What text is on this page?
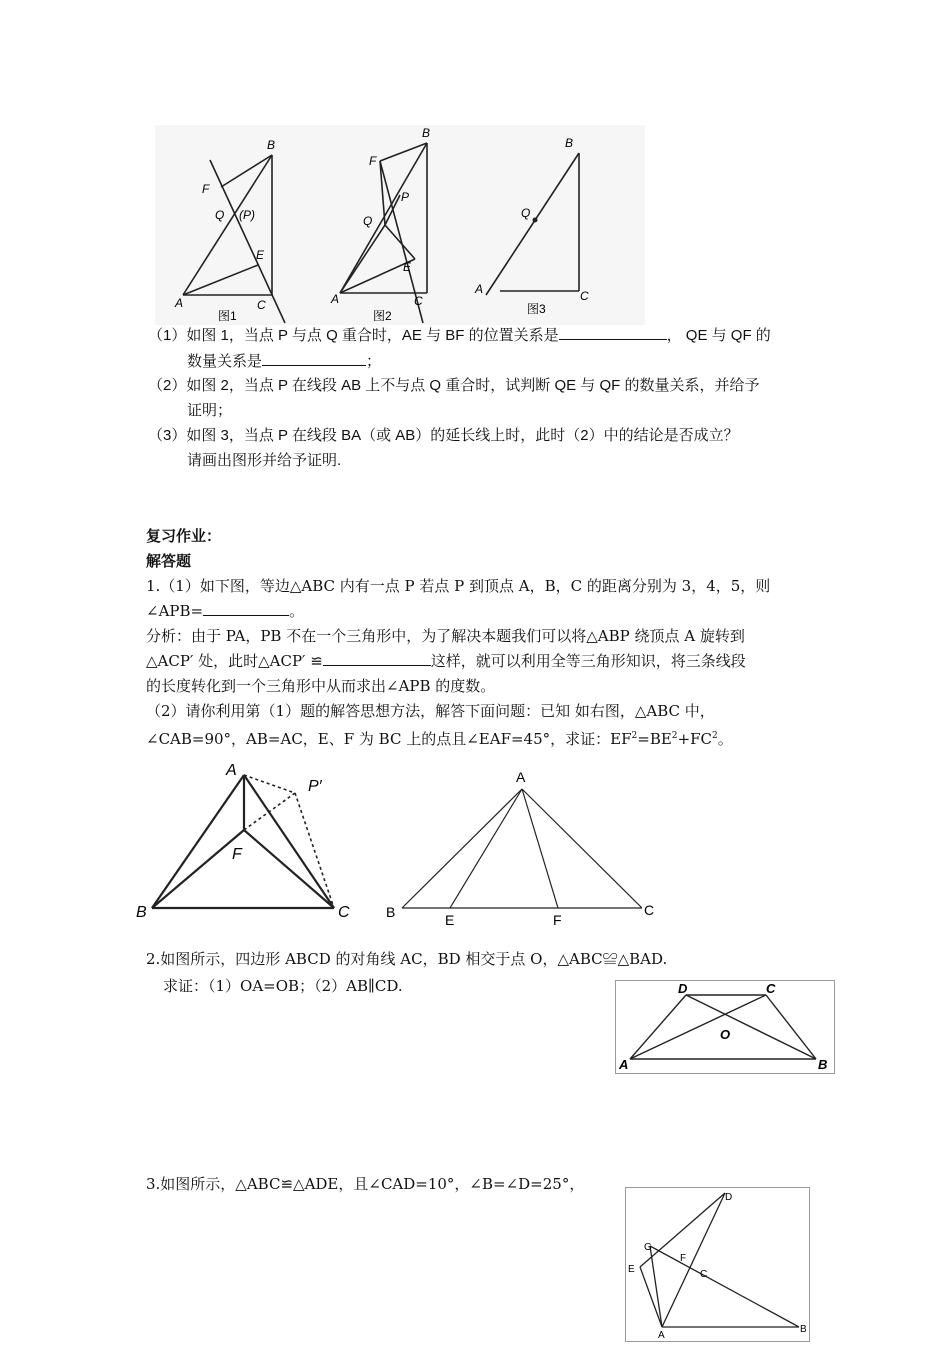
B
F
Q (P)
E
A	C
图1
B
F
P
Q
E
A	C
图2
B
Q
A	C
图3
（1）如图 1，当点 P 与点 Q 重合时，AE 与 BF 的位置关系是	， QE 与 QF 的
数量关系是	；
（2）如图 2，当点 P 在线段 AB 上不与点 Q 重合时，试判断 QE 与 QF 的数量关系，并给予
证明；
（3）如图 3，当点 P 在线段 BA（或 AB）的延长线上时，此时（2）中的结论是否成立？
请画出图形并给予证明.
复习作业：
解答题
1.（1）如下图，等边△ABC 内有一点 P 若点 P 到顶点 A，B，C 的距离分别为 3，4，5，则
∠APB=	。
分析：由于 PA，PB 不在一个三角形中，为了解决本题我们可以将△ABP 绕顶点 A 旋转到
△ACP′ 处，此时△ACP′ ≌	这样，就可以利用全等三角形知识，将三条线段
的长度转化到一个三角形中从而求出∠APB 的度数。
（2）请你利用第（1）题的解答思想方法，解答下面问题：已知 如右图，△ABC 中，
∠CAB=90°，AB=AC，E、F 为 BC 上的点且∠EAF=45°，求证：$EF^2=BE^2+FC^2$。
A
P′
F
B	C
A
B	E	F
C
2.如图所示，四边形 ABCD 的对角线 AC，BD 相交于点 O，△ABC≌△BAD.
求证：（1）OA=OB；（2）AB∥CD.	D	C
O
A	B
3.如图所示，△ABC≌△ADE，且∠CAD=10°，∠B=∠D=25°，
D
G
F
E	C
A
B
